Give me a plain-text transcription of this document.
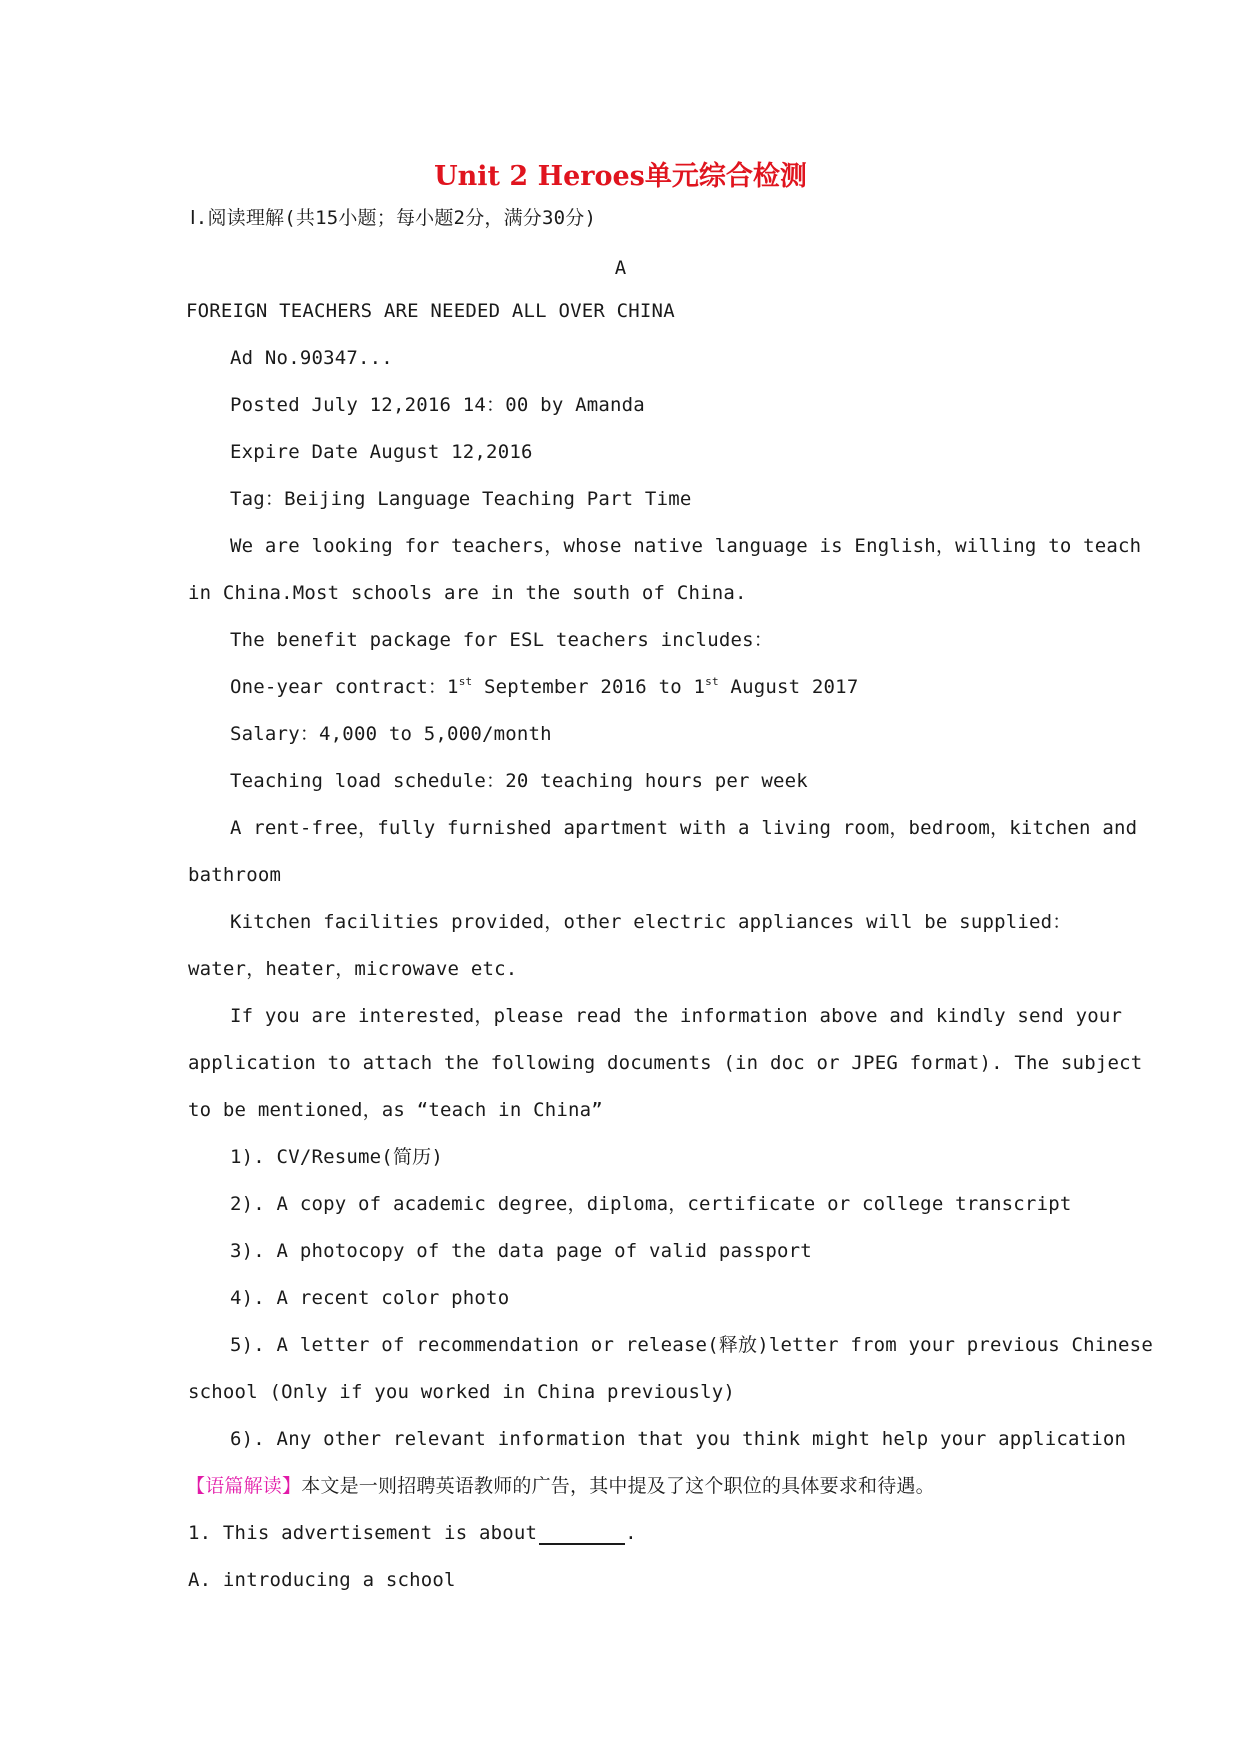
Unit 2 Heroes单元综合检测
Ⅰ.阅读理解(共15小题；每小题2分，满分30分)
A
FOREIGN TEACHERS ARE NEEDED ALL OVER CHINA
Ad No.90347...
Posted July 12,2016 14：00 by Amanda
Expire Date August 12,2016
Tag：Beijing Language Teaching Part Time
We are looking for teachers，whose native language is English，willing to teach
in China.Most schools are in the south of China.
The benefit package for ESL teachers includes：
One-year contract：1st September 2016 to 1st August 2017
Salary：4,000 to 5,000/month
Teaching load schedule：20 teaching hours per week
A rent-free，fully furnished apartment with a living room，bedroom，kitchen and
bathroom
Kitchen facilities provided，other electric appliances will be supplied：
water，heater，microwave etc.
If you are interested，please read the information above and kindly send your
application to attach the following documents (in doc or JPEG format). The subject
to be mentioned，as “teach in China”
1). CV/Resume(简历)
2). A copy of academic degree，diploma，certificate or college transcript
3). A photocopy of the data page of valid passport
4). A recent color photo
5). A letter of recommendation or release(释放)letter from your previous Chinese
school (Only if you worked in China previously)
6). Any other relevant information that you think might help your application
【语篇解读】本文是一则招聘英语教师的广告，其中提及了这个职位的具体要求和待遇。
1. This advertisement is about	.
A. introducing a school
